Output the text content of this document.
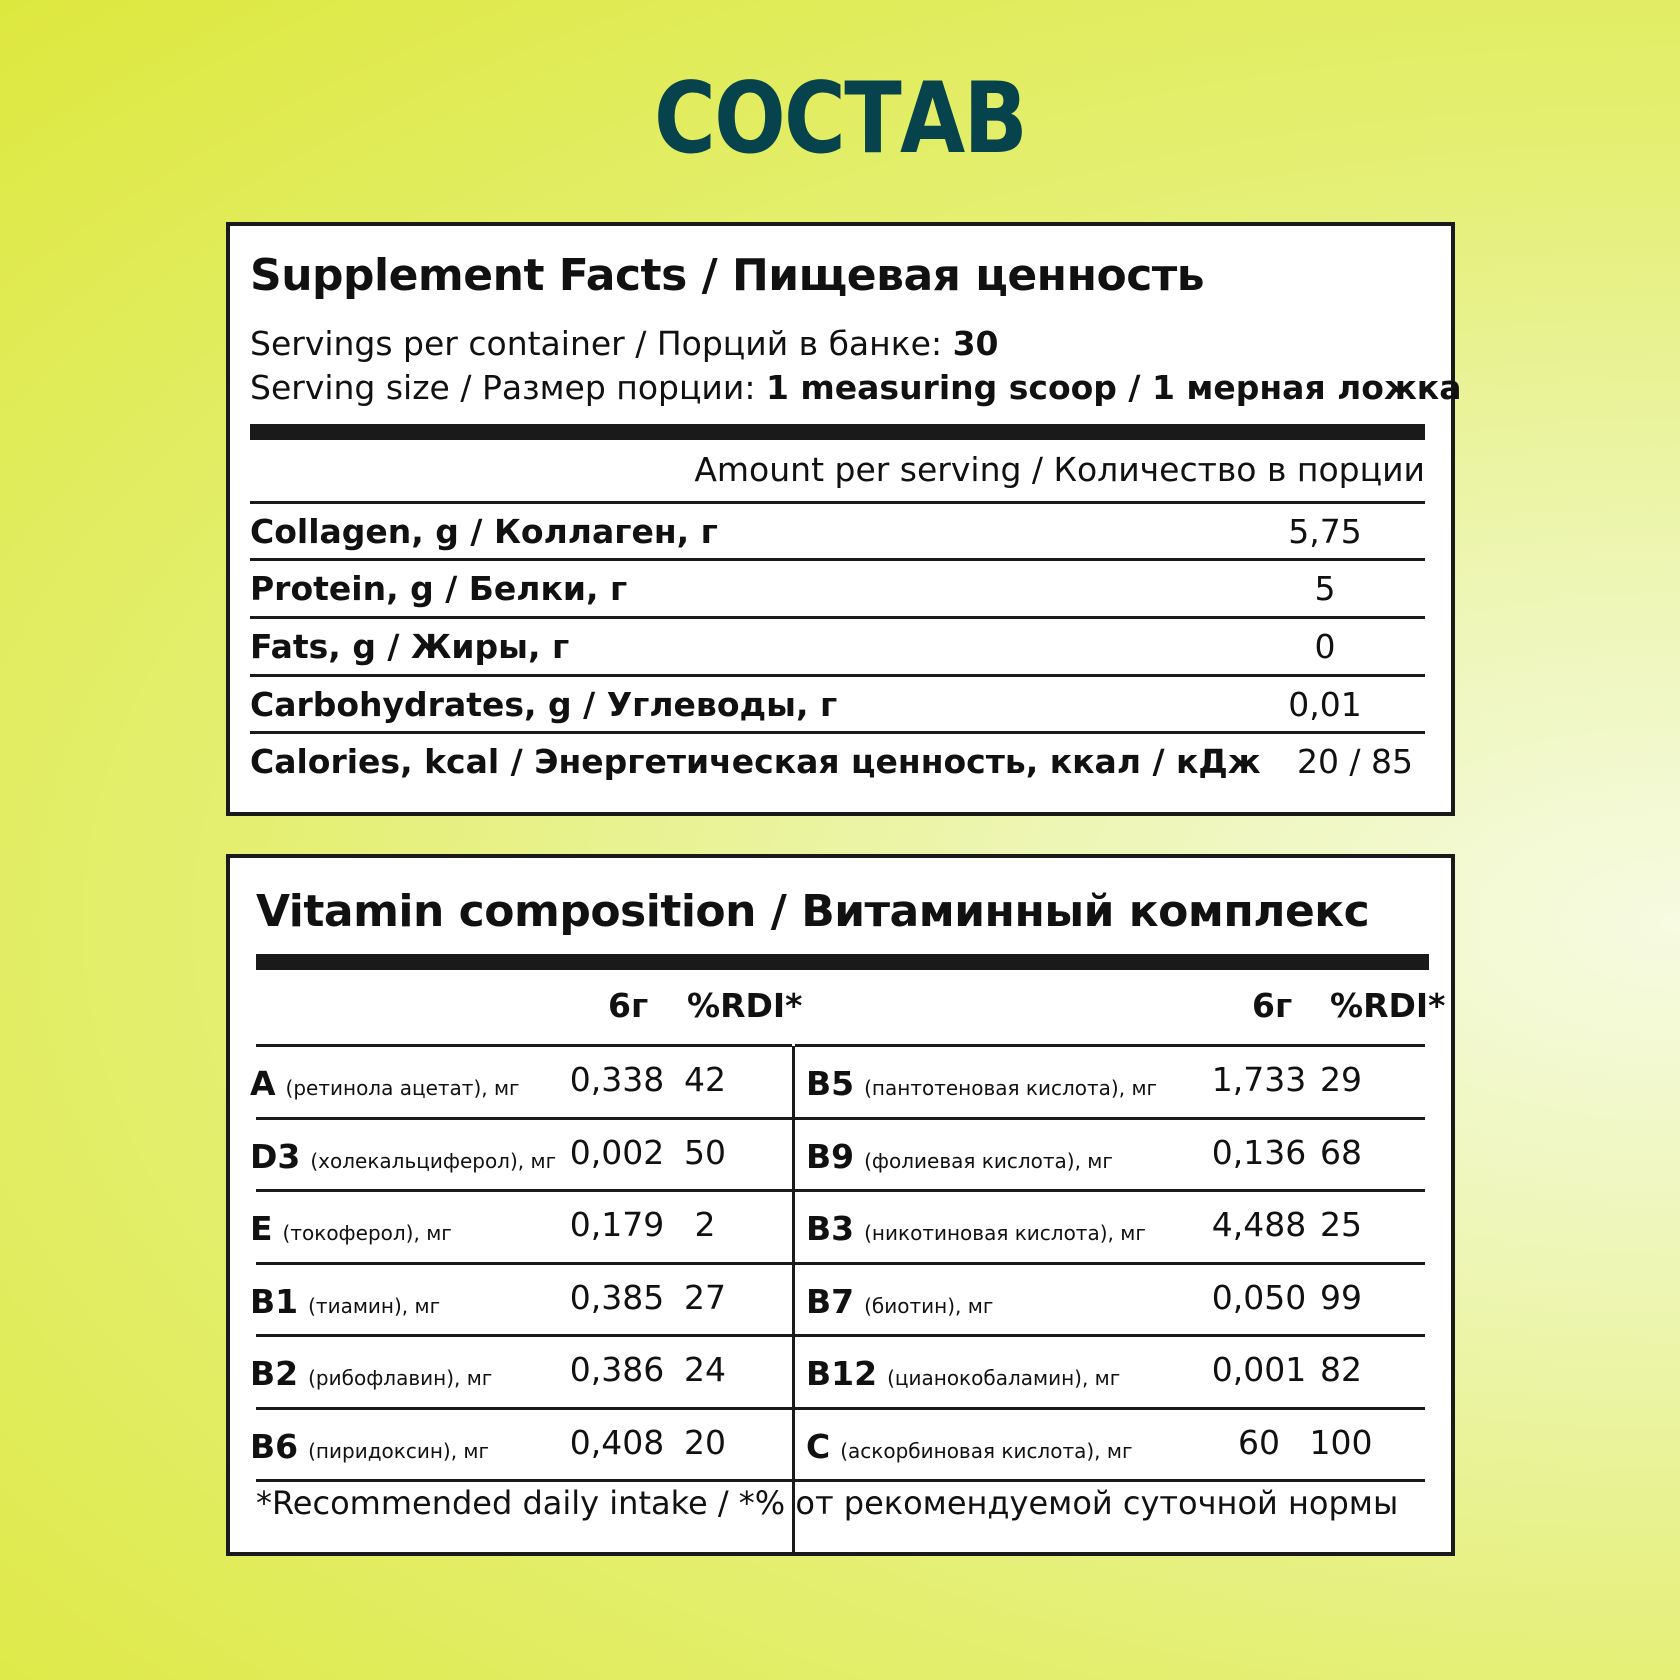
СОСТАВ
Supplement Facts / Пищевая ценность
Servings per container / Порций в банке: 30
Serving size / Размер порции: 1 measuring scoop / 1 мерная ложка
Amount per serving / Количество в порции
Collagen, g / Коллаген, г	5,75
Protein, g / Белки, г	5
Fats, g / Жиры, г	0
Carbohydrates, g / Углеводы, г	0,01
Calories, kcal / Энергетическая ценность, ккал / кДж	20 / 85
Vitamin composition / Витаминный комплекс
6г %RDI*	6г %RDI*
A (ретинола ацетат), мг 0,338 42
D3 (холекальциферол), мг 0,002 50
E (токоферол), мг	0,179 2
B1 (тиамин), мг	0,385 27
B2 (рибофлавин), мг 0,386 24
B6 (пиридоксин), мг 0,408 20
B5 (пантотеновая кислота), мг 1,733 29
B9 (фолиевая кислота), мг	0,136 68
B3 (никотиновая кислота), мг 4,488 25
B7 (биотин), мг	0,050 99
B12 (цианокобаламин), мг	0,001 82
C (аскорбиновая кислота), мг	60 100
*Recommended daily intake / *% от рекомендуемой суточной нормы
